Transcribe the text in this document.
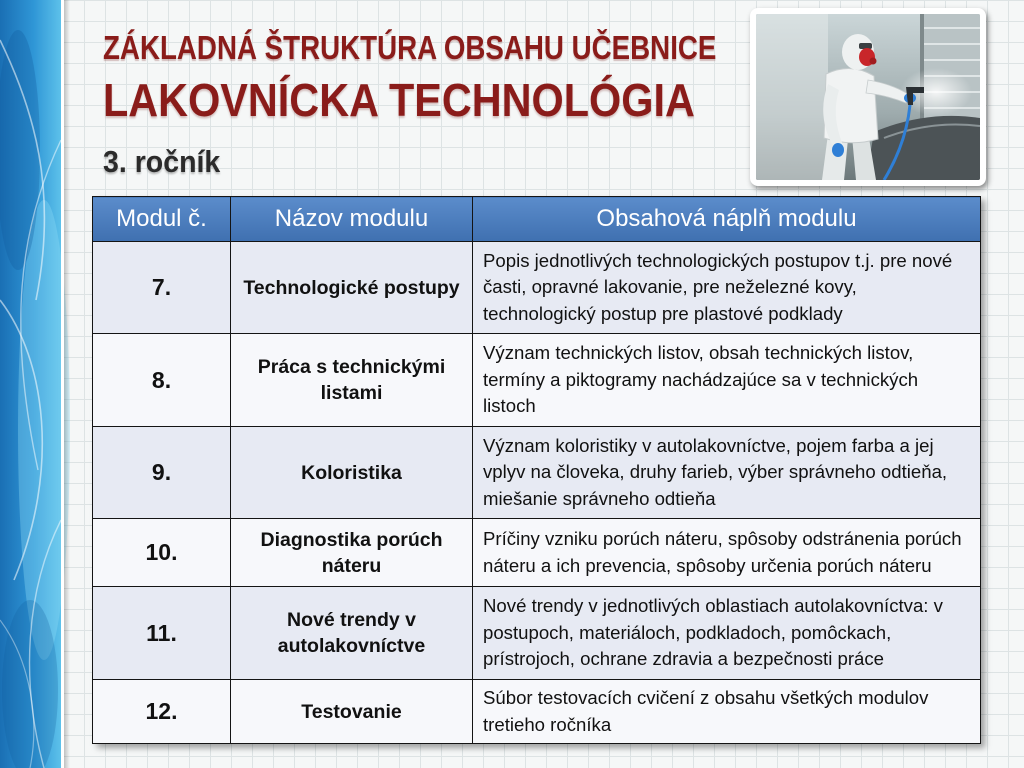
ZÁKLADNÁ ŠTRUKTÚRA OBSAHU UČEBNICE
LAKOVNÍCKA TECHNOLÓGIA
3. ročník
Modul č.	Názov modulu	Obsahová náplň modulu
7.	Technologické postupy	Popis jednotlivých technologických postupov t.j. pre nové časti, opravné lakovanie, pre neželezné kovy, technologický postup pre plastové podklady
8.	Práca s technickými listami	Význam technických listov, obsah technických listov, termíny a piktogramy nachádzajúce sa v technických listoch
9.	Koloristika	Význam koloristiky v autolakovníctve, pojem farba a jej vplyv na človeka, druhy farieb, výber správneho odtieňa, miešanie správneho odtieňa
10.	Diagnostika porúch náteru	Príčiny vzniku porúch náteru, spôsoby odstránenia porúch náteru a ich prevencia, spôsoby určenia porúch náteru
11.	Nové trendy v autolakovníctve	Nové trendy v jednotlivých oblastiach autolakovníctva: v postupoch, materiáloch, podkladoch, pomôckach, prístrojoch, ochrane zdravia a bezpečnosti práce
12.	Testovanie	Súbor testovacích cvičení z obsahu všetkých modulov tretieho ročníka
